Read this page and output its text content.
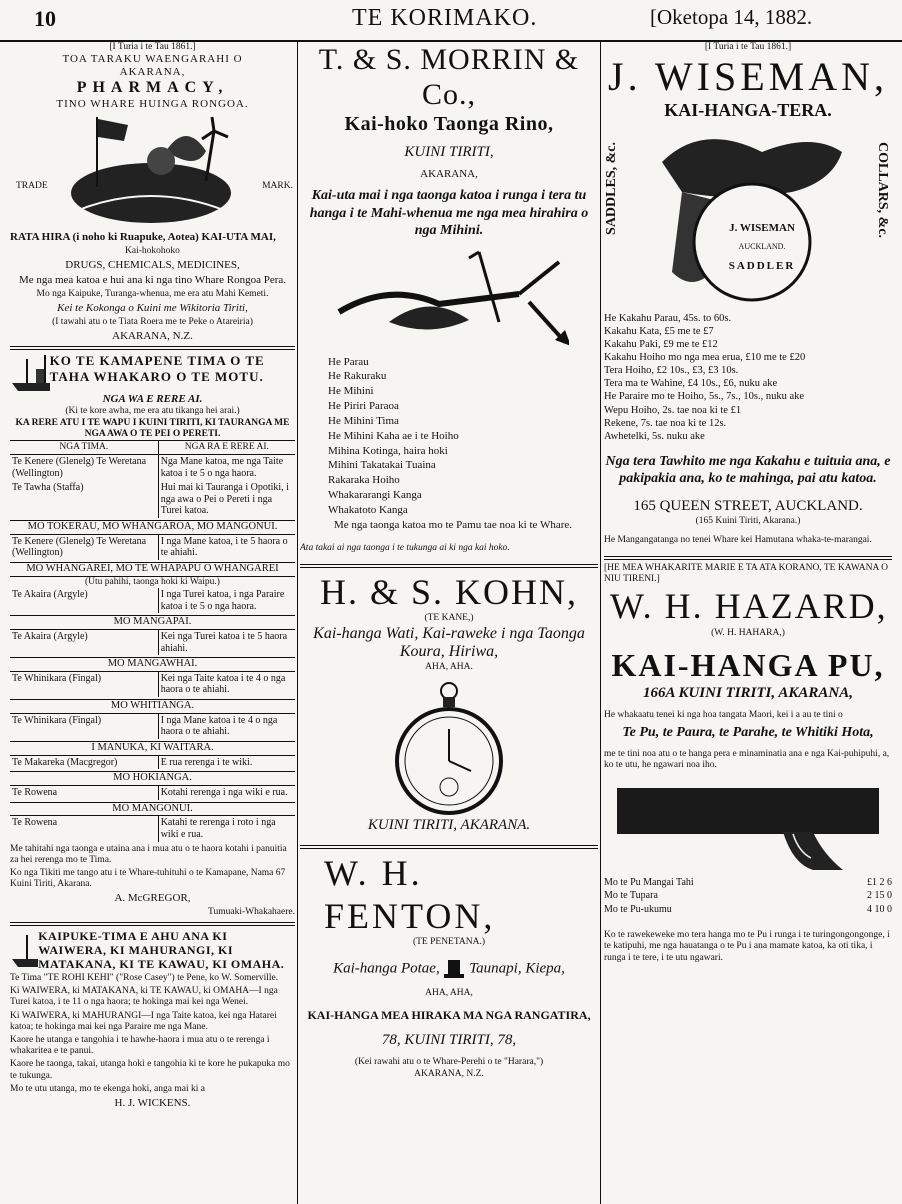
10	TE KORIMAKO.	[Oketopa 14, 1882.
[I Turia i te Tau 1861.]
TOA TARAKU WAENGARAHI O
AKARANA,
PHARMACY,
TINO WHARE HUINGA RONGOA.
TRADE	MARK.

RATA HIRA (i noho ki Ruapuke, Aotea) KAI-UTA MAI,

Kai-hokohoko

DRUGS, CHEMICALS, MEDICINES,

Me nga mea katoa e hui ana ki nga tino Whare Rongoa Pera.

Mo nga Kaipuke, Turanga-whenua, me era atu Mahi Kemeti.

Kei te Kokonga o Kuini me Wikitoria Tiriti,

(I tawahi atu o te Tiata Roera me te Peke o Atareiria)

AKARANA, N.Z.

KO TE KAMAPENE TIMA O TE TAHA WHAKARO O TE MOTU.
NGA WA E RERE AI.
(Ki te kore awha, me era atu tikanga hei arai.)
KA RERE ATU I TE WAPU I KUINI TIRITI, KI TAURANGA ME NGA AWA O TE PEI O PERETI.
NGA TIMA.	NGA RA E RERE AI.
Te Kenere (Glenelg) Te Weretana (Wellington)	Nga Mane katoa, me nga Taite katoa i te 5 o nga haora.
Te Tawha (Staffa)	Hui mai ki Tauranga i Opotiki, i nga awa o Pei o Pereti i nga Turei katoa.
MO TOKERAU, MO WHANGAROA, MO MANGONUI.
Te Kenere (Glenelg) Te Weretana (Wellington)	I nga Mane katoa, i te 5 haora o te ahiahi.
MO WHANGAREI, MO TE WHAPAPU O WHANGAREI
(Utu pahihi, taonga hoki ki Waipu.)
Te Akaira (Argyle)	I nga Turei katoa, i nga Paraire katoa i te 5 o nga haora.
MO MANGAPAI.
Te Akaira (Argyle)	Kei nga Turei katoa i te 5 haora ahiahi.
MO MANGAWHAI.
Te Whinikara (Fingal)	Kei nga Taite katoa i te 4 o nga haora o te ahiahi.
MO WHITIANGA.
Te Whinikara (Fingal)	I nga Mane katoa i te 4 o nga haora o te ahiahi.
I MANUKA, KI WAITARA.
Te Makareka (Macgregor)	E rua rerenga i te wiki.
MO HOKIANGA.
Te Rowena	Kotahi rerenga i nga wiki e rua.
MO MANGONUI.
Te Rowena	Katahi te rerenga i roto i nga wiki e rua.

Me tahitahi nga taonga e utaina ana i mua atu o te haora kotahi i panuitia za hei rerenga mo te Tima.

Ko nga Tikiti me tango atu i te Whare-tuhituhi o te Kamapane, Nama 67 Kuini Tiriti, Akarana.

A. McGREGOR,

Tumuaki-Whakahaere.

KAIPUKE-TIMA E AHU ANA KI WAIWERA, KI MAHURANGI, KI MATAKANA, KI TE KAWAU, KI OMAHA.

Te Tima "TE ROHI KEHI" ("Rose Casey") te Pene, ko W. Somerville.

Ki WAIWERA, ki MATAKANA, ki TE KAWAU, ki OMAHA—I nga Turei katoa, i te 11 o nga haora; te hokinga mai kei nga Wenei.

Ki WAIWERA, ki MAHURANGI—I nga Taite katoa, kei nga Hatarei katoa; te hokinga mai kei nga Paraire me nga Mane.

Kaore he utanga e tangohia i te hawhe-haora i mua atu o te rerenga i whakaritea e te panui.

Kaore he taonga, takai, utanga hoki e tangohia ki te kore he pukapuka mo te tukunga.

Mo te utu utanga, mo te ekenga hoki, anga mai ki a

H. J. WICKENS.

T. & S. MORRIN & Co.,
Kai-hoko Taonga Rino,
KUINI TIRITI,
AKARANA,
Kai-uta mai i nga taonga katoa i runga i tera tu hanga i te Mahi-whenua me nga mea hirahira o nga Mihini.
He Parau
He Rakuraku
He Mihini
He Piriri Paraoa
He Mihini Tima
He Mihini Kaha ae i te Hoiho
Mihina Kotinga, haira hoki
Mihini Takatakai Tuaina
Rakaraka Hoiho
Whakararangi Kanga
Whakatoto Kanga
Me nga taonga katoa mo te Pamu tae noa ki te Whare.

Ata takai ai nga taonga i te tukunga ai ki nga kai hoko.

H. & S. KOHN,
(TE KANE,)
Kai-hanga Wati, Kai-raweke i nga Taonga Koura, Hiriwa,
AHA, AHA.
KUINI TIRITI, AKARANA.
W. H. FENTON,
(TE PENETANA.)
Kai-hanga Potae, Taunapi, Kiepa,
AHA, AHA,
KAI-HANGA MEA HIRAKA MA NGA RANGATIRA,
78, KUINI TIRITI, 78,
(Kei rawahi atu o te Whare-Perehi o te "Harara,")
AKARANA, N.Z.
[I Turia i te Tau 1861.]
J. WISEMAN,
KAI-HANGA-TERA.
SADDLES, &c.	COLLARS, &c.
J. WISEMAN
AUCKLAND.
SADDLER
He Kakahu Parau, 45s. to 60s.
Kakahu Kata, £5 me te £7
Kakahu Paki, £9 me te £12
Kakahu Hoiho mo nga mea erua, £10 me te £20
Tera Hoiho, £2 10s., £3, £3 10s.
Tera ma te Wahine, £4 10s., £6, nuku ake
He Paraire mo te Hoiho, 5s., 7s., 10s., nuku ake
Wepu Hoiho, 2s. tae noa ki te £1
Rekene, 7s. tae noa ki te 12s.
Awhetelki, 5s. nuku ake
Nga tera Tawhito me nga Kakahu e tuituia ana, e pakipakia ana, ko te mahinga, pai atu katoa.
165 QUEEN STREET, AUCKLAND.
(165 Kuini Tiriti, Akarana.)

He Mangangatanga no tenei Whare kei Hamutana whaka-te-marangai.

[HE MEA WHAKARITE MARIE E TA ATA KORANO, TE KAWANA O NIU TIRENI.]
W. H. HAZARD,
(W. H. HAHARA,)
KAI-HANGA PU,
166A KUINI TIRITI, AKARANA,

He whakaatu tenei ki nga hoa tangata Maori, kei i a au te tini o

Te Pu, te Paura, te Parahe, te Whitiki Hota,

me te tini noa atu o te hanga pera e minaminatia ana e nga Kai-puhipuhi, a, ko te utu, he ngawari noa iho.

Mo te Pu Mangai Tahi	£1 2 6
Mo te Tupara	2 15 0
Mo te Pu-ukumu	4 10 0

Ko te rawekeweke mo tera hanga mo te Pu i runga i te turingongongonge, i te katipuhi, me nga hauatanga o te Pu i ana mamate katoa, ka oti tika, i runga i te tere, i te utu ngawari.
